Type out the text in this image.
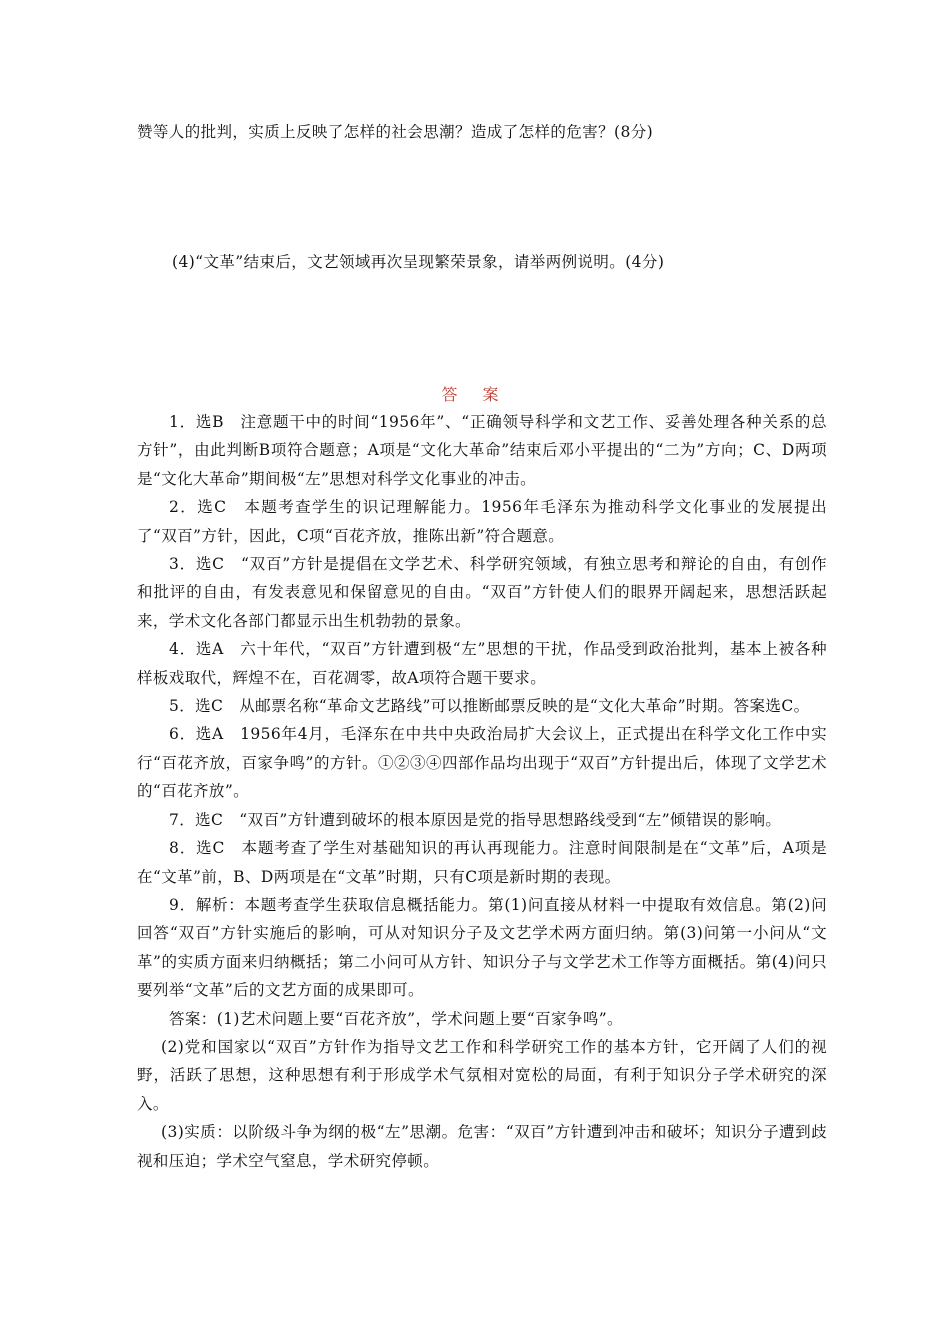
赞等人的批判，实质上反映了怎样的社会思潮？造成了怎样的危害？(8分)
(4)“文革”结束后，文艺领域再次呈现繁荣景象，请举两例说明。(4分)
答 案
1．选B　注意题干中的时间“1956年”、“正确领导科学和文艺工作、妥善处理各种关系的总方针”，由此判断B项符合题意；A项是“文化大革命”结束后邓小平提出的“二为”方向；C、D两项是“文化大革命”期间极“左”思想对科学文化事业的冲击。
2．选C　本题考查学生的识记理解能力。1956年毛泽东为推动科学文化事业的发展提出了“双百”方针，因此，C项“百花齐放，推陈出新”符合题意。
3．选C　“双百”方针是提倡在文学艺术、科学研究领域，有独立思考和辩论的自由，有创作和批评的自由，有发表意见和保留意见的自由。“双百”方针使人们的眼界开阔起来，思想活跃起来，学术文化各部门都显示出生机勃勃的景象。
4．选A　六十年代，“双百”方针遭到极“左”思想的干扰，作品受到政治批判，基本上被各种样板戏取代，辉煌不在，百花凋零，故A项符合题干要求。
5．选C　从邮票名称“革命文艺路线”可以推断邮票反映的是“文化大革命”时期。答案选C。
6．选A　1956年4月，毛泽东在中共中央政治局扩大会议上，正式提出在科学文化工作中实行“百花齐放，百家争鸣”的方针。①②③④四部作品均出现于“双百”方针提出后，体现了文学艺术的“百花齐放”。
7．选C　“双百”方针遭到破坏的根本原因是党的指导思想路线受到“左”倾错误的影响。
8．选C　本题考查了学生对基础知识的再认再现能力。注意时间限制是在“文革”后，A项是在“文革”前，B、D两项是在“文革”时期，只有C项是新时期的表现。
9．解析：本题考查学生获取信息概括能力。第(1)问直接从材料一中提取有效信息。第(2)问回答“双百”方针实施后的影响，可从对知识分子及文艺学术两方面归纳。第(3)问第一小问从“文革”的实质方面来归纳概括；第二小问可从方针、知识分子与文学艺术工作等方面概括。第(4)问只要列举“文革”后的文艺方面的成果即可。
答案：(1)艺术问题上要“百花齐放”，学术问题上要“百家争鸣”。
(2)党和国家以“双百”方针作为指导文艺工作和科学研究工作的基本方针，它开阔了人们的视野，活跃了思想，这种思想有利于形成学术气氛相对宽松的局面，有利于知识分子学术研究的深入。
(3)实质：以阶级斗争为纲的极“左”思潮。危害：“双百”方针遭到冲击和破坏；知识分子遭到歧视和压迫；学术空气窒息，学术研究停顿。
